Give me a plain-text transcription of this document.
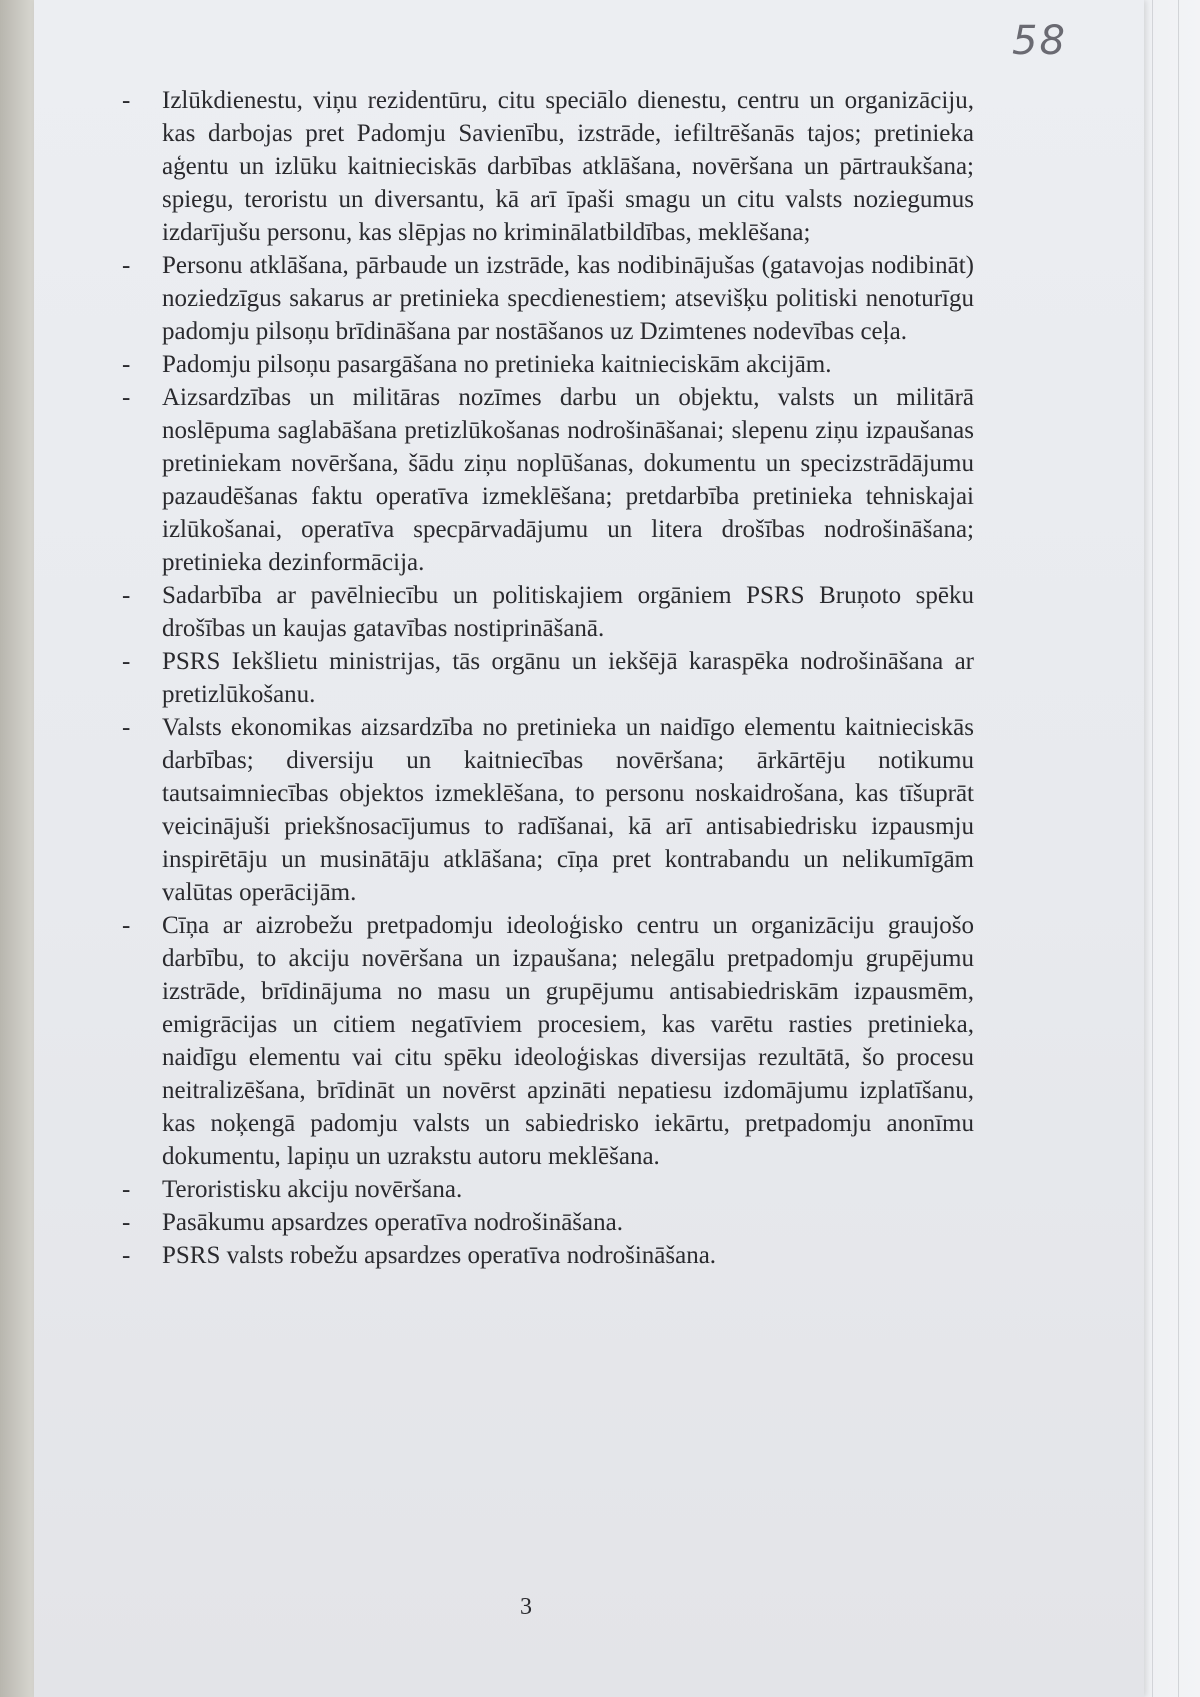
58

- Izlūkdienestu, viņu rezidentūru, citu speciālo dienestu, centru un organizāciju, kas darbojas pret Padomju Savienību, izstrāde, iefiltrēšanās tajos; pretinieka aģentu un izlūku kaitnieciskās darbības atklāšana, novēršana un pārtraukšana; spiegu, teroristu un diversantu, kā arī īpaši smagu un citu valsts noziegumus izdarījušu personu, kas slēpjas no kriminālatbildības, meklēšana;

- Personu atklāšana, pārbaude un izstrāde, kas nodibinājušas (gatavojas nodibināt) noziedzīgus sakarus ar pretinieka specdienestiem; atsevišķu politiski nenoturīgu padomju pilsoņu brīdināšana par nostāšanos uz Dzimtenes nodevības ceļa.

- Padomju pilsoņu pasargāšana no pretinieka kaitnieciskām akcijām.

- Aizsardzības un militāras nozīmes darbu un objektu, valsts un militārā noslēpuma saglabāšana pretizlūkošanas nodrošināšanai; slepenu ziņu izpaušanas pretiniekam novēršana, šādu ziņu noplūšanas, dokumentu un specizstrādājumu pazaudēšanas faktu operatīva izmeklēšana; pretdarbība pretinieka tehniskajai izlūkošanai, operatīva specpārvadājumu un litera drošības nodrošināšana; pretinieka dezinformācija.

- Sadarbība ar pavēlniecību un politiskajiem orgāniem PSRS Bruņoto spēku drošības un kaujas gatavības nostiprināšanā.

- PSRS Iekšlietu ministrijas, tās orgānu un iekšējā karaspēka nodrošināšana ar pretizlūkošanu.

- Valsts ekonomikas aizsardzība no pretinieka un naidīgo elementu kaitnieciskās darbības; diversiju un kaitniecības novēršana; ārkārtēju notikumu tautsaimniecības objektos izmeklēšana, to personu noskaidrošana, kas tīšuprāt veicinājuši priekšnosacījumus to radīšanai, kā arī antisabiedrisku izpausmju inspirētāju un musinātāju atklāšana; cīņa pret kontrabandu un nelikumīgām valūtas operācijām.

- Cīņa ar aizrobežu pretpadomju ideoloģisko centru un organizāciju graujošo darbību, to akciju novēršana un izpaušana; nelegālu pretpadomju grupējumu izstrāde, brīdinājuma no masu un grupējumu antisabiedriskām izpausmēm, emigrācijas un citiem negatīviem procesiem, kas varētu rasties pretinieka, naidīgu elementu vai citu spēku ideoloģiskas diversijas rezultātā, šo procesu neitralizēšana, brīdināt un novērst apzināti nepatiesu izdomājumu izplatīšanu, kas noķengā padomju valsts un sabiedrisko iekārtu, pretpadomju anonīmu dokumentu, lapiņu un uzrakstu autoru meklēšana.

- Teroristisku akciju novēršana.

- Pasākumu apsardzes operatīva nodrošināšana.

- PSRS valsts robežu apsardzes operatīva nodrošināšana.

3
